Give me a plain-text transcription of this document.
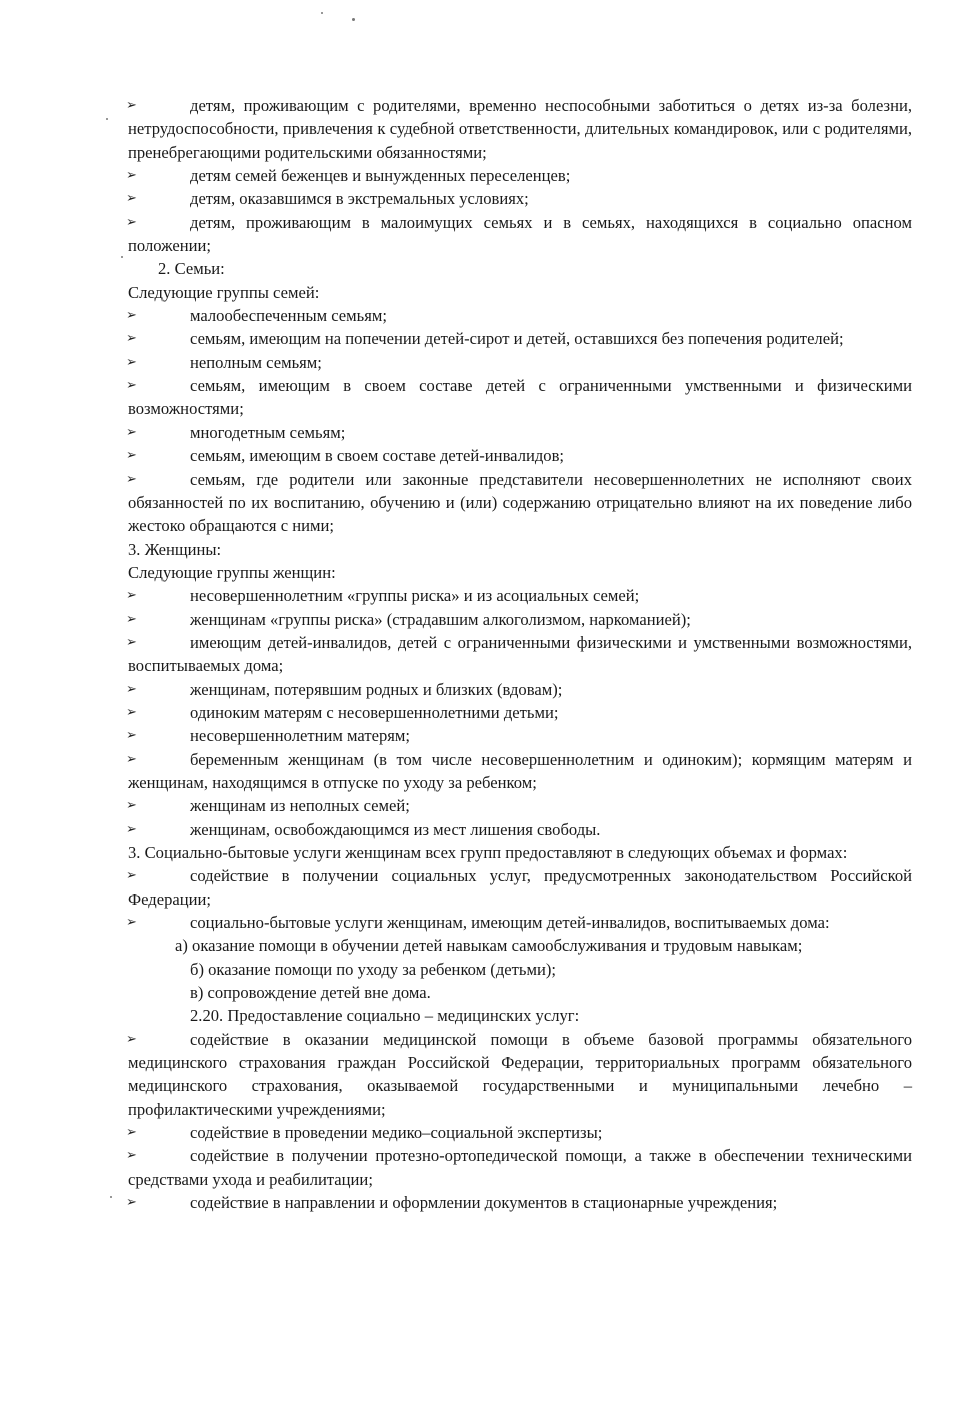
➢ детям, проживающим с родителями, временно неспособными заботиться о детях из-за болезни, нетрудоспособности, привлечения к судебной ответственности, длительных командировок, или с родителями, пренебрегающими родительскими обязанностями;

➢ детям семей беженцев и вынужденных переселенцев;

➢ детям, оказавшимся в экстремальных условиях;

➢ детям, проживающим в малоимущих семьях и в семьях, находящихся в социально опасном положении;

2. Семьи:

Следующие группы семей:

➢ малообеспеченным семьям;

➢ семьям, имеющим на попечении детей-сирот и детей, оставшихся без попечения родителей;

➢ неполным семьям;

➢ семьям, имеющим в своем составе детей с ограниченными умственными и физическими возможностями;

➢ многодетным семьям;

➢ семьям, имеющим в своем составе детей-инвалидов;

➢ семьям, где родители или законные представители несовершеннолетних не исполняют своих обязанностей по их воспитанию, обучению и (или) содержанию отрицательно влияют на их поведение либо жестоко обращаются с ними;

3. Женщины:

Следующие группы женщин:

➢ несовершеннолетним «группы риска» и из асоциальных семей;

➢ женщинам «группы риска» (страдавшим алкоголизмом, наркоманией);

➢ имеющим детей-инвалидов, детей с ограниченными физическими и умственными возможностями, воспитываемых дома;

➢ женщинам, потерявшим родных и близких (вдовам);

➢ одиноким матерям с несовершеннолетними детьми;

➢ несовершеннолетним матерям;

➢ беременным женщинам (в том числе несовершеннолетним и одиноким); кормящим матерям и женщинам, находящимся в отпуске по уходу за ребенком;

➢ женщинам из неполных семей;

➢ женщинам, освобождающимся из мест лишения свободы.

3. Социально-бытовые услуги женщинам всех групп предоставляют в следующих объемах и формах:

➢ содействие в получении социальных услуг, предусмотренных законодательством Российской Федерации;

➢ социально-бытовые услуги женщинам, имеющим детей-инвалидов, воспитываемых дома:

а) оказание помощи в обучении детей навыкам самообслуживания и трудовым навыкам;

б) оказание помощи по уходу за ребенком (детьми);

в) сопровождение детей вне дома.

2.20. Предоставление социально – медицинских услуг:

➢ содействие в оказании медицинской помощи в объеме базовой программы обязательного медицинского страхования граждан Российской Федерации, территориальных программ обязательного медицинского страхования, оказываемой государственными и муниципальными лечебно – профилактическими учреждениями;

➢ содействие в проведении медико–социальной экспертизы;

➢ содействие в получении протезно-ортопедической помощи, а также в обеспечении техническими средствами ухода и реабилитации;

➢ содействие в направлении и оформлении документов в стационарные учреждения;
